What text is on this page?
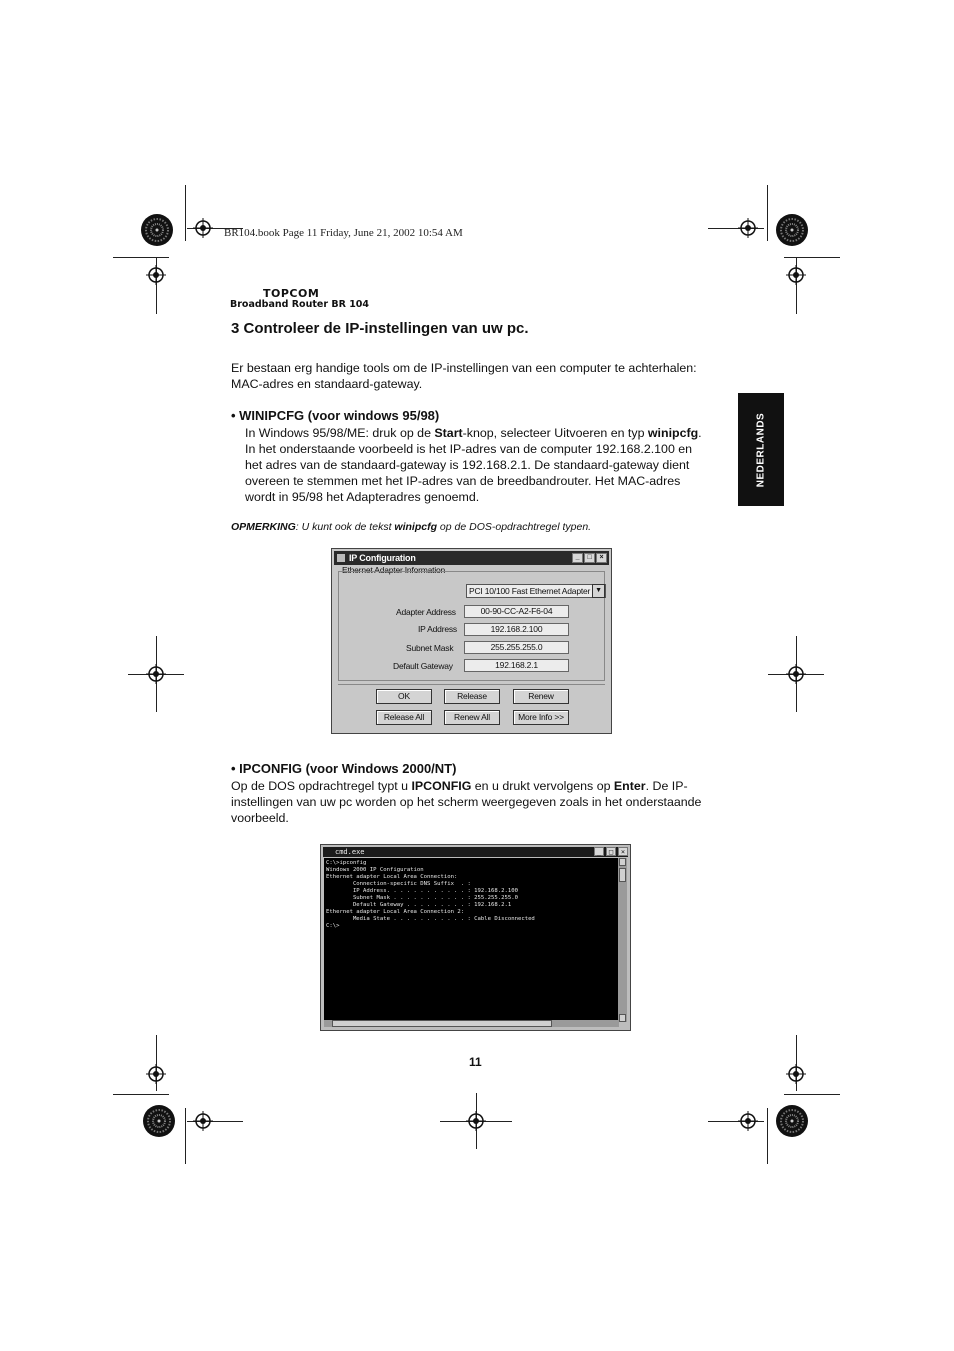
BR104.book Page 11 Friday, June 21, 2002 10:54 AM
TOPCOM
Broadband Router BR 104
NEDERLANDS
3 Controleer de IP-instellingen van uw pc.
Er bestaan erg handige tools om de IP-instellingen van een computer te achterhalen:
MAC-adres en standaard-gateway.
• WINIPCFG (voor windows 95/98)
In Windows 95/98/ME: druk op de Start-knop, selecteer Uitvoeren en typ winipcfg.
In het onderstaande voorbeeld is het IP-adres van de computer 192.168.2.100 en
het adres van de standaard-gateway is 192.168.2.1. De standaard-gateway dient
overeen te stemmen met het IP-adres van de breedbandrouter. Het MAC-adres
wordt in 95/98 het Adapteradres genoemd.
OPMERKING: U kunt ook de tekst winipcfg op de DOS-opdrachtregel typen.
IP Configuration	_	□	×
Ethernet Adapter Information
PCI 10/100 Fast Ethernet Adapter ▼
Adapter Address	00-90-CC-A2-F6-04
IP Address	192.168.2.100
Subnet Mask	255.255.255.0
Default Gateway	192.168.2.1
OK	Release	Renew
Release All	Renew All	More Info >>
• IPCONFIG (voor Windows 2000/NT)
Op de DOS opdrachtregel typt u IPCONFIG en u drukt vervolgens op Enter. De IP-
instellingen van uw pc worden op het scherm weergegeven zoals in het onderstaande
voorbeeld.
cmd.exe	_	□	×
C:\>ipconfig
Windows 2000 IP Configuration
Ethernet adapter Local Area Connection:
Connection-specific DNS Suffix  . :
IP Address. . . . . . . . . . . . : 192.168.2.100
Subnet Mask . . . . . . . . . . . : 255.255.255.0
Default Gateway . . . . . . . . . : 192.168.2.1
Ethernet adapter Local Area Connection 2:
Media State . . . . . . . . . . . : Cable Disconnected
C:\>
11
